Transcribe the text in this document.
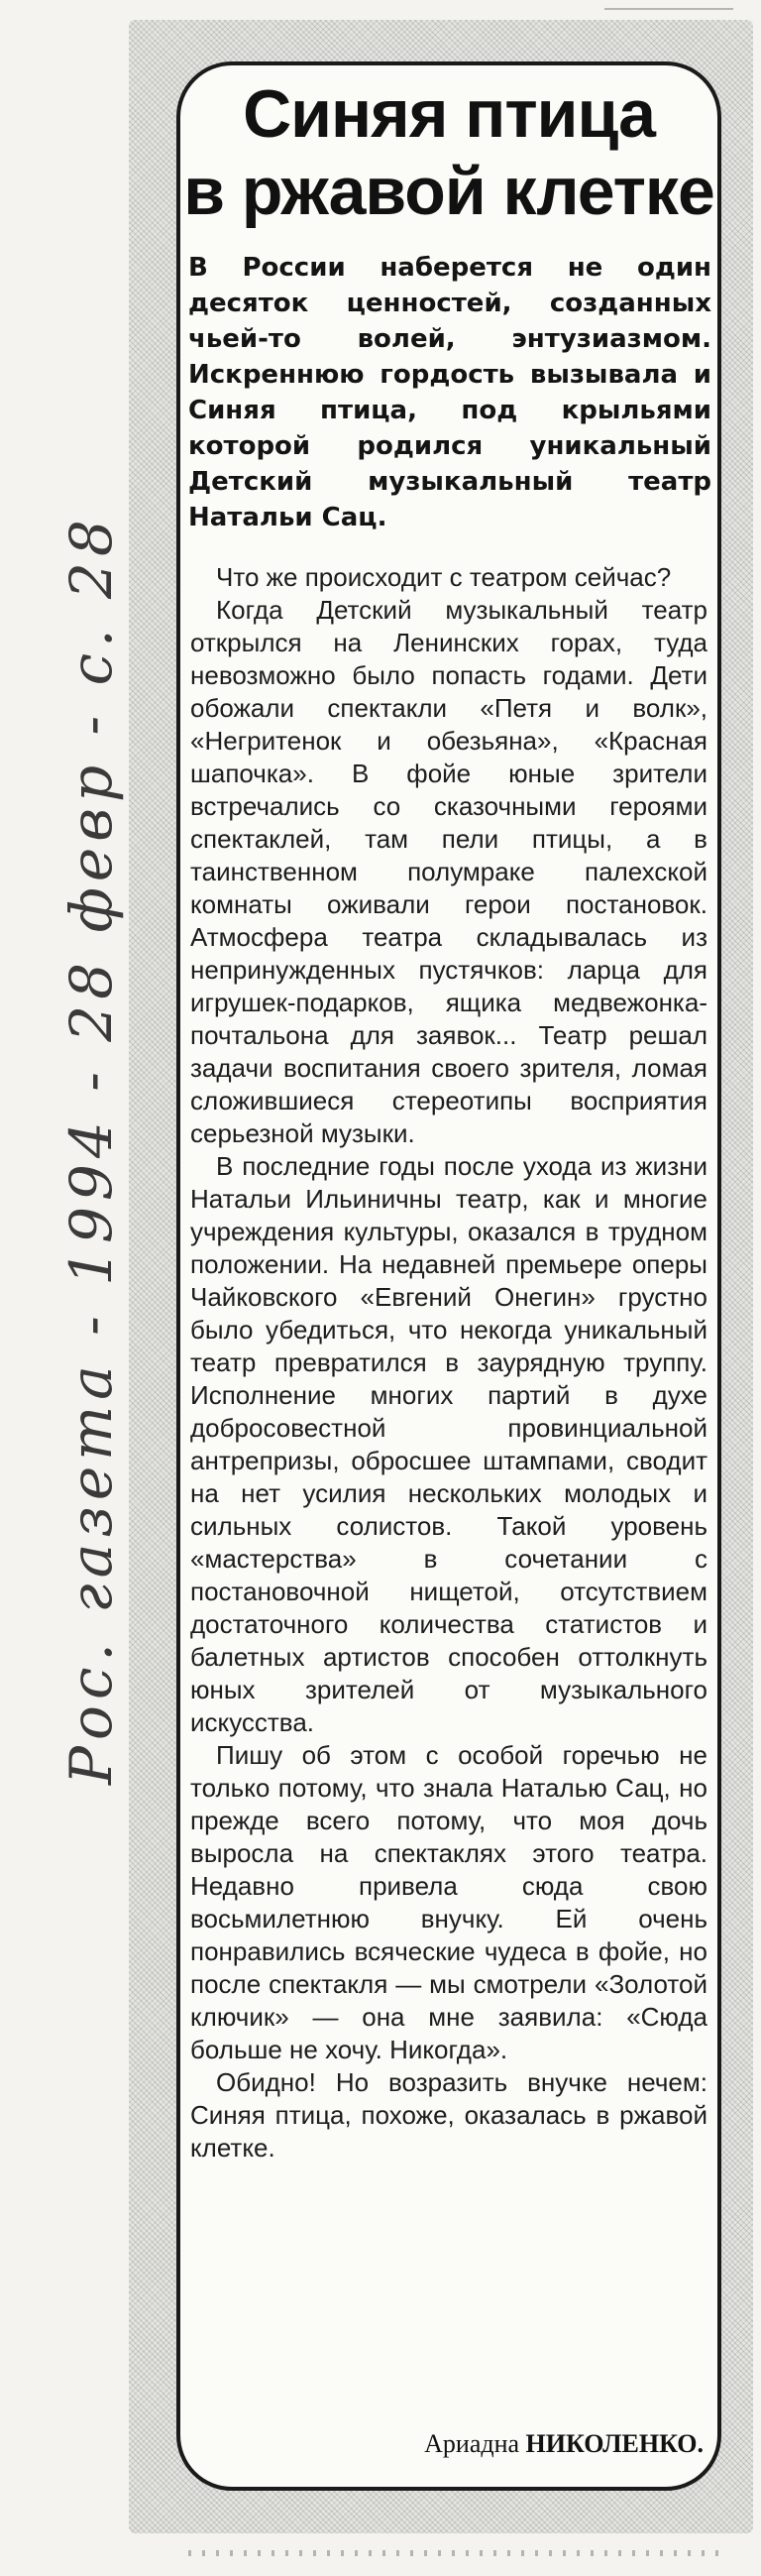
Синяя птица
в ржавой клетке

В России наберется не один десяток ценностей, созданных чьей-то волей, энтузиазмом. Искреннюю гордость вызывала и Синяя птица, под крыльями которой родился уникальный Детский музыкальный театр Натальи Сац.

Что же происходит с театром сейчас?

Когда Детский музыкальный театр открылся на Ленинских горах, туда невозможно было попасть годами. Дети обожали спектакли «Петя и волк», «Негритенок и обезьяна», «Красная шапочка». В фойе юные зрители встречались со сказочными героями спектаклей, там пели птицы, а в таинственном полумраке палехской комнаты оживали герои постановок. Атмосфера театра складывалась из непринужденных пустячков: ларца для игрушек-подарков, ящика медвежонка-почтальона для заявок... Театр решал задачи воспитания своего зрителя, ломая сложившиеся стереотипы восприятия серьезной музыки.

В последние годы после ухода из жизни Натальи Ильиничны театр, как и многие учреждения культуры, оказался в трудном положении. На недавней премьере оперы Чайковского «Евгений Онегин» грустно было убедиться, что некогда уникальный театр превратился в заурядную труппу. Исполнение многих партий в духе добросовестной провинциальной антрепризы, обросшее штампами, сводит на нет усилия нескольких молодых и сильных солистов. Такой уровень «мастерства» в сочетании с постановочной нищетой, отсутствием достаточного количества статистов и балетных артистов способен оттолкнуть юных зрителей от музыкального искусства.

Пишу об этом с особой горечью не только потому, что знала Наталью Сац, но прежде всего потому, что моя дочь выросла на спектаклях этого театра. Недавно привела сюда свою восьмилетнюю внучку. Ей очень понравились всяческие чудеса в фойе, но после спектакля — мы смотрели «Золотой ключик» — она мне заявила: «Сюда больше не хочу. Никогда».

Обидно! Но возразить внучке нечем: Синяя птица, похоже, оказалась в ржавой клетке.

Ариадна НИКОЛЕНКО.

Рос. газета - 1994 - 28 февр - с. 28
